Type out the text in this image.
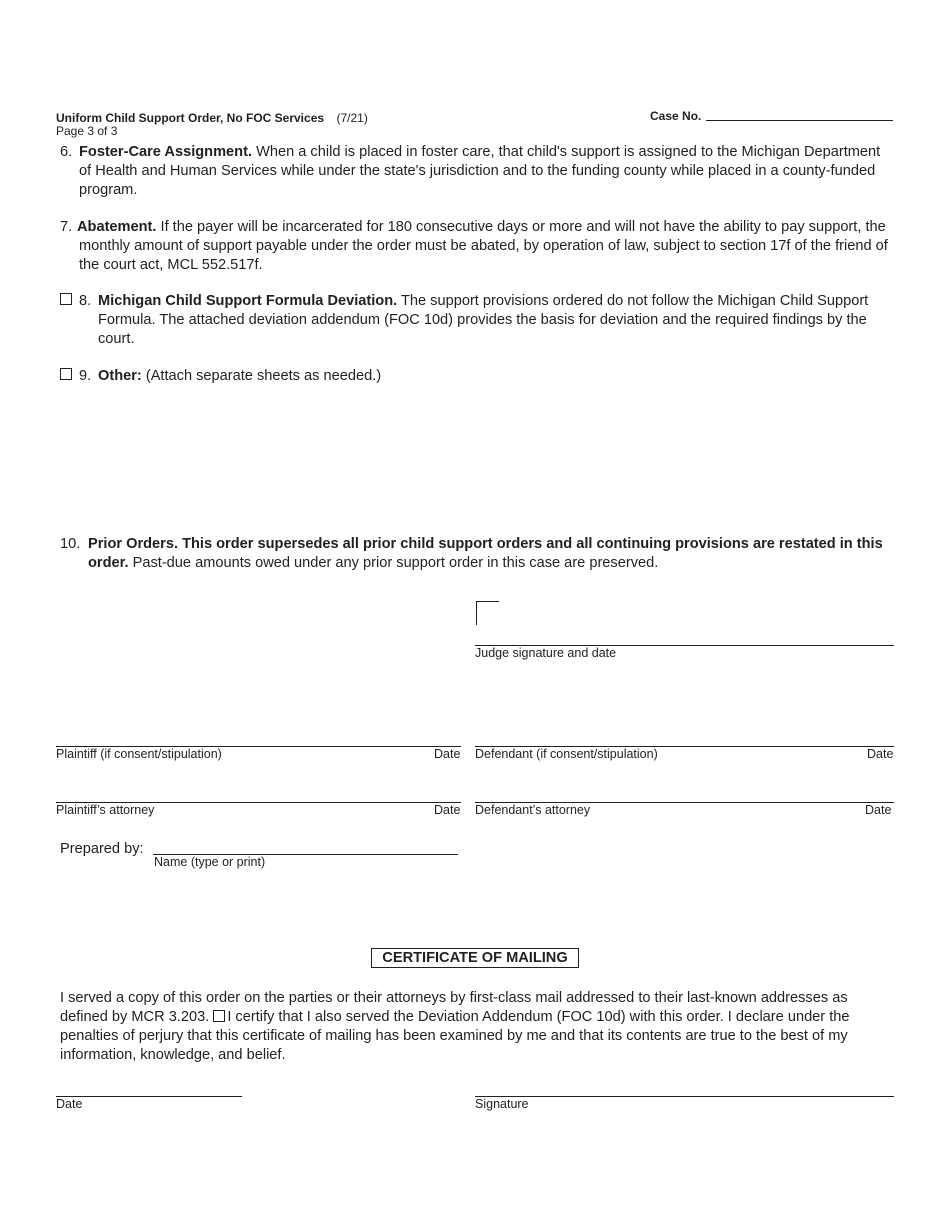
Uniform Child Support Order, No FOC Services (7/21)
Page 3 of 3
Case No.
6. Foster-Care Assignment. When a child is placed in foster care, that child's support is assigned to the Michigan Department of Health and Human Services while under the state's jurisdiction and to the funding county while placed in a county-funded program.
7. Abatement. If the payer will be incarcerated for 180 consecutive days or more and will not have the ability to pay support, the monthly amount of support payable under the order must be abated, by operation of law, subject to section 17f of the friend of the court act, MCL 552.517f.
8. Michigan Child Support Formula Deviation. The support provisions ordered do not follow the Michigan Child Support Formula. The attached deviation addendum (FOC 10d) provides the basis for deviation and the required findings by the court.
9. Other: (Attach separate sheets as needed.)
10. Prior Orders. This order supersedes all prior child support orders and all continuing provisions are restated in this order. Past-due amounts owed under any prior support order in this case are preserved.
Judge signature and date
Plaintiff (if consent/stipulation)	Date Defendant (if consent/stipulation)	Date
Plaintiff’s attorney	Date Defendant’s attorney	Date
Prepared by:
Name (type or print)
CERTIFICATE OF MAILING
I served a copy of this order on the parties or their attorneys by first-class mail addressed to their last-known addresses as defined by MCR 3.203. I certify that I also served the Deviation Addendum (FOC 10d) with this order. I declare under the penalties of perjury that this certificate of mailing has been examined by me and that its contents are true to the best of my information, knowledge, and belief.
Date	Signature
